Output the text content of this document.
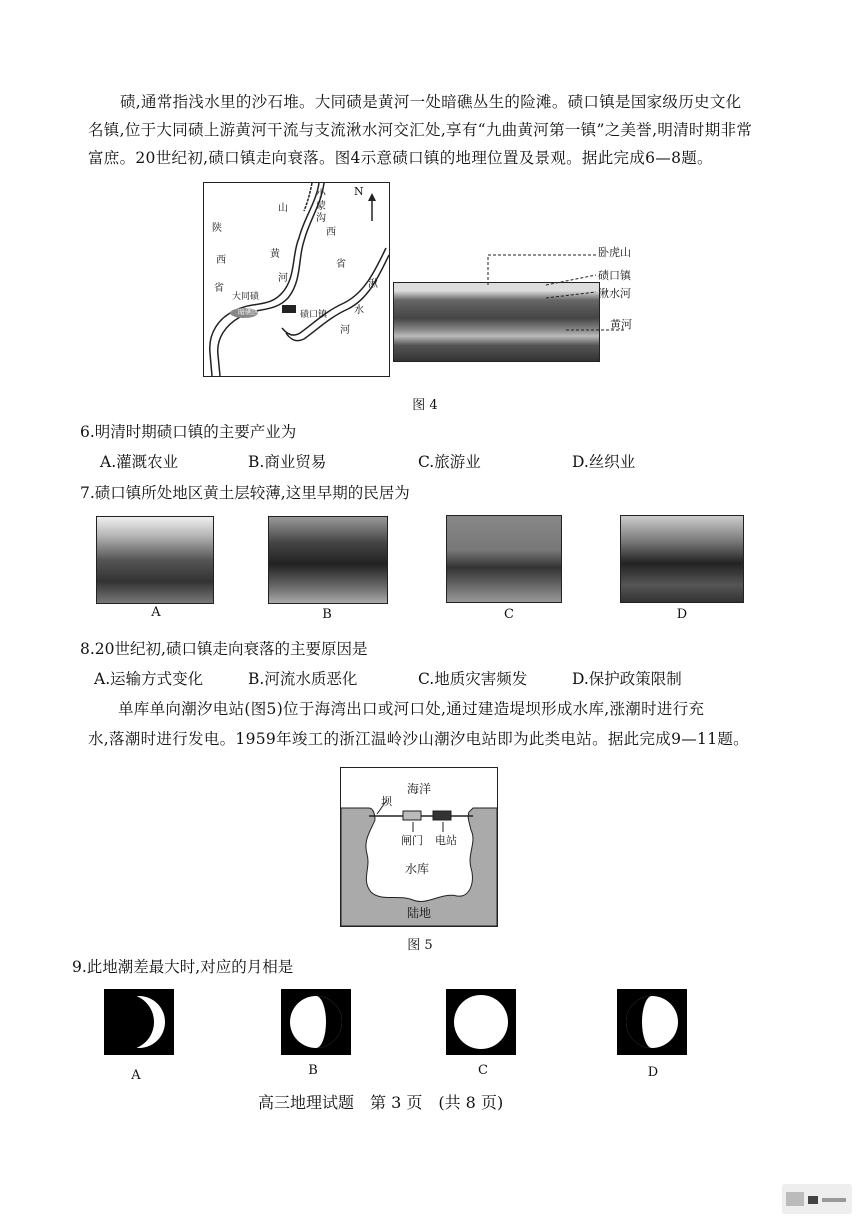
碛,通常指浅水里的沙石堆。大同碛是黄河一处暗礁丛生的险滩。碛口镇是国家级历史文化
名镇,位于大同碛上游黄河干流与支流湫水河交汇处,享有“九曲黄河第一镇”之美誉,明清时期非常
富庶。20世纪初,碛口镇走向衰落。图4示意碛口镇的地理位置及景观。据此完成6—8题。
N
小
蒙
沟
山
西
省
陕
西
省
黄
河
湫
水
河
大同碛
暗礁区	碛口镇
卧虎山
碛口镇
湫水河
黄河
图 4
6.明清时期碛口镇的主要产业为
A.灌溉农业	B.商业贸易	C.旅游业	D.丝织业
7.碛口镇所处地区黄土层较薄,这里早期的民居为
A	B	C	D
8.20世纪初,碛口镇走向衰落的主要原因是
A.运输方式变化	B.河流水质恶化	C.地质灾害频发	D.保护政策限制
单库单向潮汐电站(图5)位于海湾出口或河口处,通过建造堤坝形成水库,涨潮时进行充
水,落潮时进行发电。1959年竣工的浙江温岭沙山潮汐电站即为此类电站。据此完成9—11题。
海洋
坝
闸门 电站
水库
陆地
图 5
9.此地潮差最大时,对应的月相是
A	B	C	D
高三地理试题　第 3 页　(共 8 页)
